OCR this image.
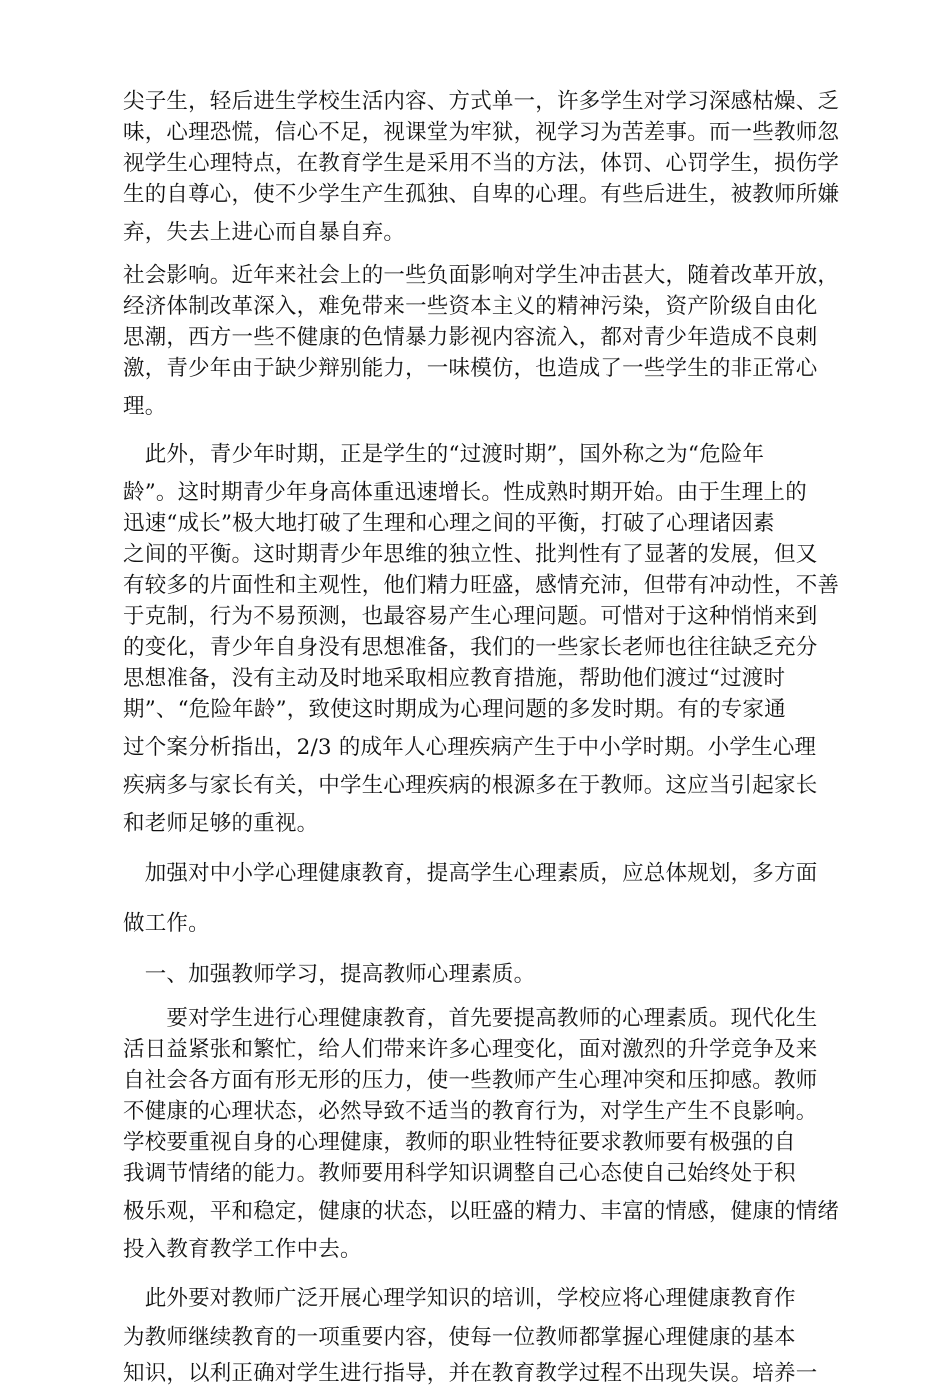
尖子生，轻后进生学校生活内容、方式单一，许多学生对学习深感枯燥、乏
味，心理恐慌，信心不足，视课堂为牢狱，视学习为苦差事。而一些教师忽
视学生心理特点，在教育学生是采用不当的方法，体罚、心罚学生，损伤学
生的自尊心，使不少学生产生孤独、自卑的心理。有些后进生，被教师所嫌
弃，失去上进心而自暴自弃。
社会影响。近年来社会上的一些负面影响对学生冲击甚大，随着改革开放，
经济体制改革深入，难免带来一些资本主义的精神污染，资产阶级自由化
思潮，西方一些不健康的色情暴力影视内容流入，都对青少年造成不良刺
激，青少年由于缺少辩别能力，一味模仿，也造成了一些学生的非正常心
理。
　此外，青少年时期，正是学生的“过渡时期”，国外称之为“危险年
龄”。这时期青少年身高体重迅速增长。性成熟时期开始。由于生理上的
迅速“成长”极大地打破了生理和心理之间的平衡，打破了心理诸因素
之间的平衡。这时期青少年思维的独立性、批判性有了显著的发展，但又
有较多的片面性和主观性，他们精力旺盛，感情充沛，但带有冲动性，不善
于克制，行为不易预测，也最容易产生心理问题。可惜对于这种悄悄来到
的变化，青少年自身没有思想准备，我们的一些家长老师也往往缺乏充分
思想准备，没有主动及时地采取相应教育措施，帮助他们渡过“过渡时
期”、“危险年龄”，致使这时期成为心理问题的多发时期。有的专家通
过个案分析指出，2/3 的成年人心理疾病产生于中小学时期。小学生心理
疾病多与家长有关，中学生心理疾病的根源多在于教师。这应当引起家长
和老师足够的重视。
　加强对中小学心理健康教育，提高学生心理素质，应总体规划，多方面
做工作。
　一、加强教师学习，提高教师心理素质。
　　要对学生进行心理健康教育，首先要提高教师的心理素质。现代化生
活日益紧张和繁忙，给人们带来许多心理变化，面对激烈的升学竞争及来
自社会各方面有形无形的压力，使一些教师产生心理冲突和压抑感。教师
不健康的心理状态，必然导致不适当的教育行为，对学生产生不良影响。
学校要重视自身的心理健康，教师的职业牲特征要求教师要有极强的自
我调节情绪的能力。教师要用科学知识调整自己心态使自己始终处于积
极乐观，平和稳定，健康的状态，以旺盛的精力、丰富的情感，健康的情绪
投入教育教学工作中去。
　此外要对教师广泛开展心理学知识的培训，学校应将心理健康教育作
为教师继续教育的一项重要内容，使每一位教师都掌握心理健康的基本
知识，以利正确对学生进行指导，并在教育教学过程不出现失误。培养一
